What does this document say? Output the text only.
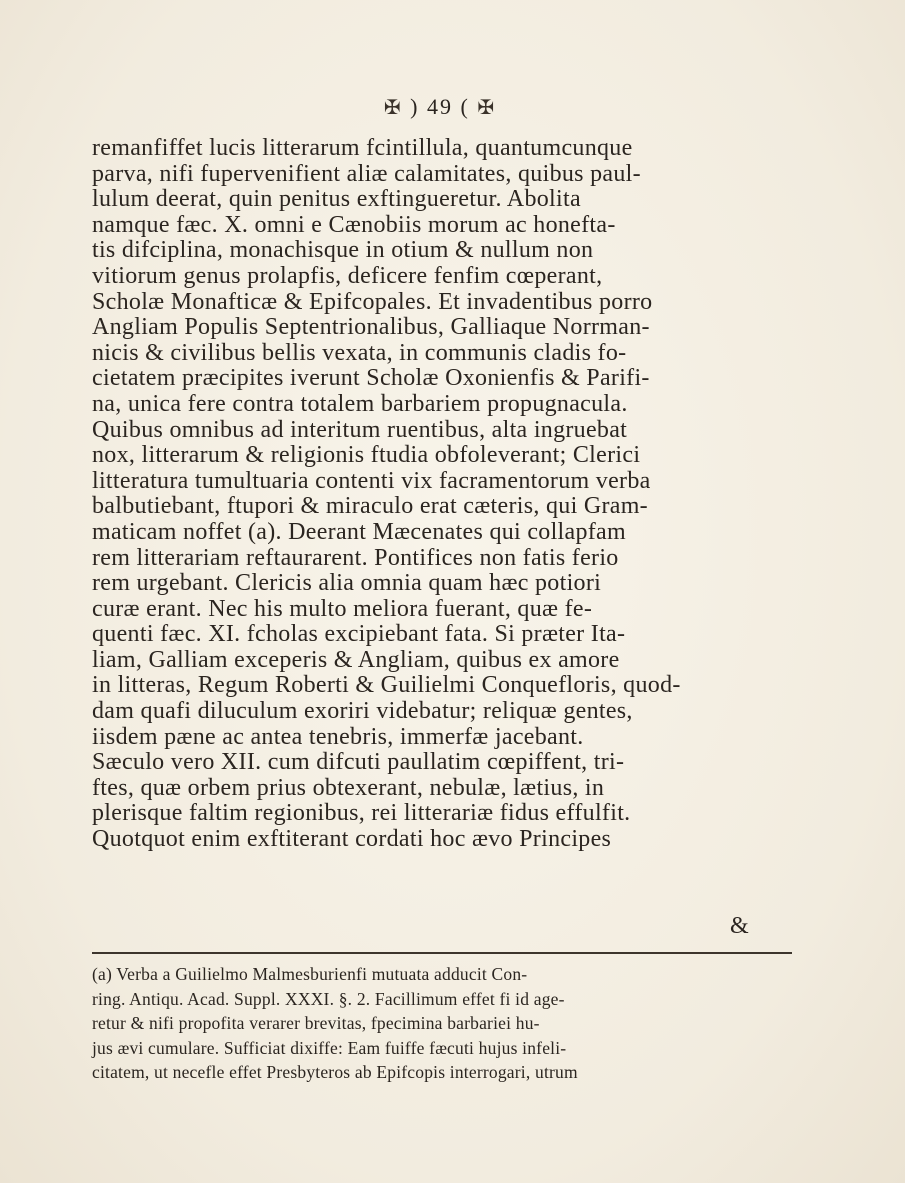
✠ ) 49 ( ✠
remanfiffet lucis litterarum fcintillula, quantumcunque
parva, nifi fupervenifient aliæ calamitates, quibus paul-
lulum deerat, quin penitus exftingueretur. Abolita
namque fæc. X. omni e Cænobiis morum ac honefta-
tis difciplina, monachisque in otium & nullum non
vitiorum genus prolapfis, deficere fenfim cœperant,
Scholæ Monafticæ & Epifcopales. Et invadentibus porro
Angliam Populis Septentrionalibus, Galliaque Norrman-
nicis & civilibus bellis vexata, in communis cladis fo-
cietatem præcipites iverunt Scholæ Oxonienfis & Parifi-
na, unica fere contra totalem barbariem propugnacula.
Quibus omnibus ad interitum ruentibus, alta ingruebat
nox, litterarum & religionis ftudia obfoleverant; Clerici
litteratura tumultuaria contenti vix facramentorum verba
balbutiebant, ftupori & miraculo erat cæteris, qui Gram-
maticam noffet (a). Deerant Mæcenates qui collapfam
rem litterariam reftaurarent. Pontifices non fatis ferio
rem urgebant. Clericis alia omnia quam hæc potiori
curæ erant. Nec his multo meliora fuerant, quæ fe-
quenti fæc. XI. fcholas excipiebant fata. Si præter Ita-
liam, Galliam exceperis & Angliam, quibus ex amore
in litteras, Regum Roberti & Guilielmi Conquefloris, quod-
dam quafi diluculum exoriri videbatur; reliquæ gentes,
iisdem pæne ac antea tenebris, immerfæ jacebant.
Sæculo vero XII. cum difcuti paullatim cœpiffent, tri-
ftes, quæ orbem prius obtexerant, nebulæ, lætius, in
plerisque faltim regionibus, rei litterariæ fidus effulfit.
Quotquot enim exftiterant cordati hoc ævo Principes
&
(a) Verba a Guilielmo Malmesburienfi mutuata adducit Con-
ring. Antiqu. Acad. Suppl. XXXI. §. 2. Facillimum effet fi id age-
retur & nifi propofita verarer brevitas, fpecimina barbariei hu-
jus ævi cumulare. Sufficiat dixiffe: Eam fuiffe fæcuti hujus infeli-
citatem, ut necefle effet Presbyteros ab Epifcopis interrogari, utrum
